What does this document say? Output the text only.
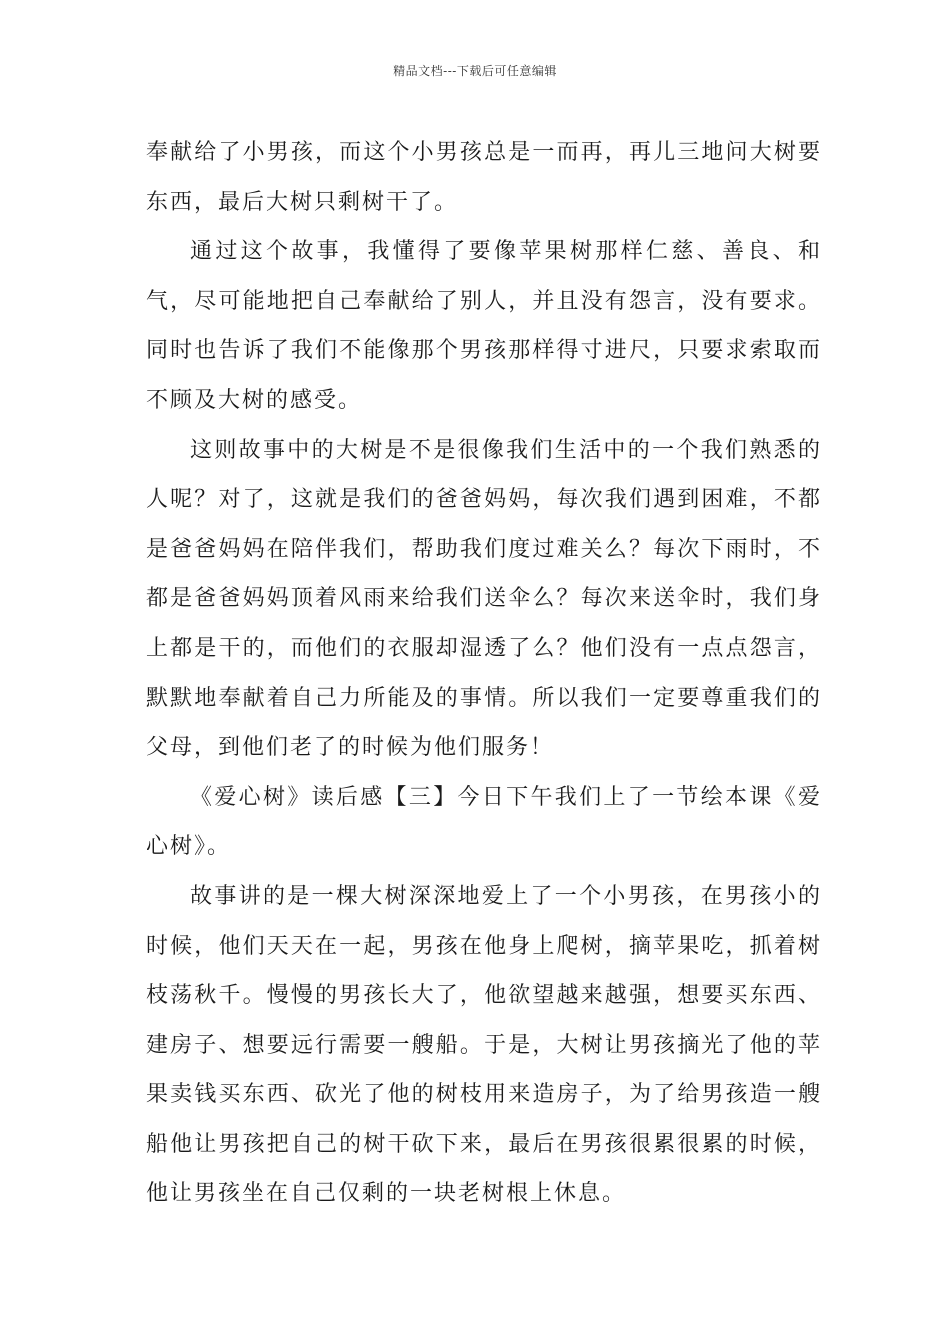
精品文档---下载后可任意编辑

奉献给了小男孩，而这个小男孩总是一而再，再儿三地问大树要东西，最后大树只剩树干了。

通过这个故事，我懂得了要像苹果树那样仁慈、善良、和气，尽可能地把自己奉献给了别人，并且没有怨言，没有要求。同时也告诉了我们不能像那个男孩那样得寸进尺，只要求索取而不顾及大树的感受。

这则故事中的大树是不是很像我们生活中的一个我们熟悉的人呢？对了，这就是我们的爸爸妈妈，每次我们遇到困难，不都是爸爸妈妈在陪伴我们，帮助我们度过难关么？每次下雨时，不都是爸爸妈妈顶着风雨来给我们送伞么？每次来送伞时，我们身上都是干的，而他们的衣服却湿透了么？他们没有一点点怨言，默默地奉献着自己力所能及的事情。所以我们一定要尊重我们的父母，到他们老了的时候为他们服务！

《爱心树》读后感【三】今日下午我们上了一节绘本课《爱心树》。

故事讲的是一棵大树深深地爱上了一个小男孩，在男孩小的时候，他们天天在一起，男孩在他身上爬树，摘苹果吃，抓着树枝荡秋千。慢慢的男孩长大了，他欲望越来越强，想要买东西、建房子、想要远行需要一艘船。于是，大树让男孩摘光了他的苹果卖钱买东西、砍光了他的树枝用来造房子，为了给男孩造一艘船他让男孩把自己的树干砍下来，最后在男孩很累很累的时候，他让男孩坐在自己仅剩的一块老树根上休息。
